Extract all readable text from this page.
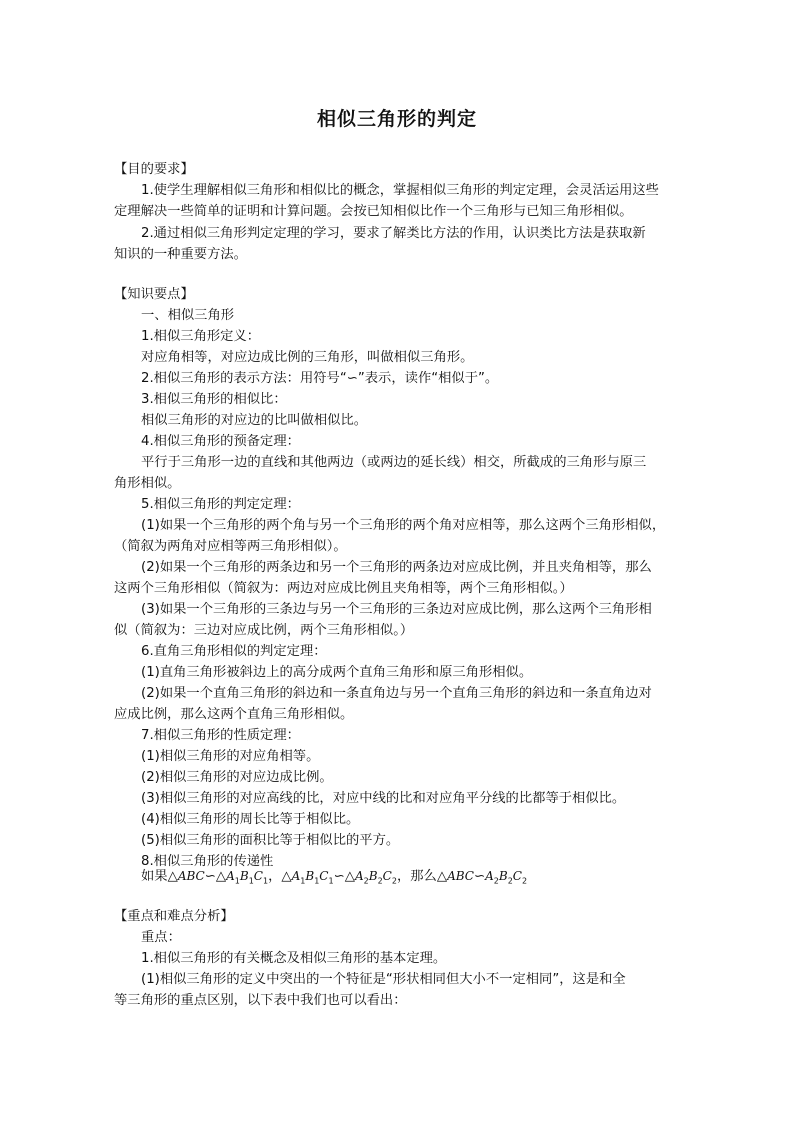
相似三角形的判定
【目的要求】
1.使学生理解相似三角形和相似比的概念，掌握相似三角形的判定定理，会灵活运用这些
定理解决一些简单的证明和计算问题。会按已知相似比作一个三角形与已知三角形相似。
2.通过相似三角形判定定理的学习，要求了解类比方法的作用，认识类比方法是获取新
知识的一种重要方法。
【知识要点】
一、相似三角形
1.相似三角形定义：
对应角相等，对应边成比例的三角形，叫做相似三角形。
2.相似三角形的表示方法：用符号“∽”表示，读作“相似于”。
3.相似三角形的相似比：
相似三角形的对应边的比叫做相似比。
4.相似三角形的预备定理：
平行于三角形一边的直线和其他两边（或两边的延长线）相交，所截成的三角形与原三
角形相似。
5.相似三角形的判定定理：
(1)如果一个三角形的两个角与另一个三角形的两个角对应相等，那么这两个三角形相似，
（简叙为两角对应相等两三角形相似）。
(2)如果一个三角形的两条边和另一个三角形的两条边对应成比例，并且夹角相等，那么
这两个三角形相似（简叙为：两边对应成比例且夹角相等，两个三角形相似。）
(3)如果一个三角形的三条边与另一个三角形的三条边对应成比例，那么这两个三角形相
似（简叙为：三边对应成比例，两个三角形相似。）
6.直角三角形相似的判定定理：
(1)直角三角形被斜边上的高分成两个直角三角形和原三角形相似。
(2)如果一个直角三角形的斜边和一条直角边与另一个直角三角形的斜边和一条直角边对
应成比例，那么这两个直角三角形相似。
7.相似三角形的性质定理：
(1)相似三角形的对应角相等。
(2)相似三角形的对应边成比例。
(3)相似三角形的对应高线的比，对应中线的比和对应角平分线的比都等于相似比。
(4)相似三角形的周长比等于相似比。
(5)相似三角形的面积比等于相似比的平方。
8.相似三角形的传递性
如果$\triangle ABC∽\triangle A_1B_1C_1$，$\triangle A_1B_1C_1∽\triangle A_2B_2C_2$，那么$\triangle ABC∽A_2B_2C_2$
【重点和难点分析】
重点：
1.相似三角形的有关概念及相似三角形的基本定理。
(1)相似三角形的定义中突出的一个特征是“形状相同但大小不一定相同”，这是和全
等三角形的重点区别，以下表中我们也可以看出：
